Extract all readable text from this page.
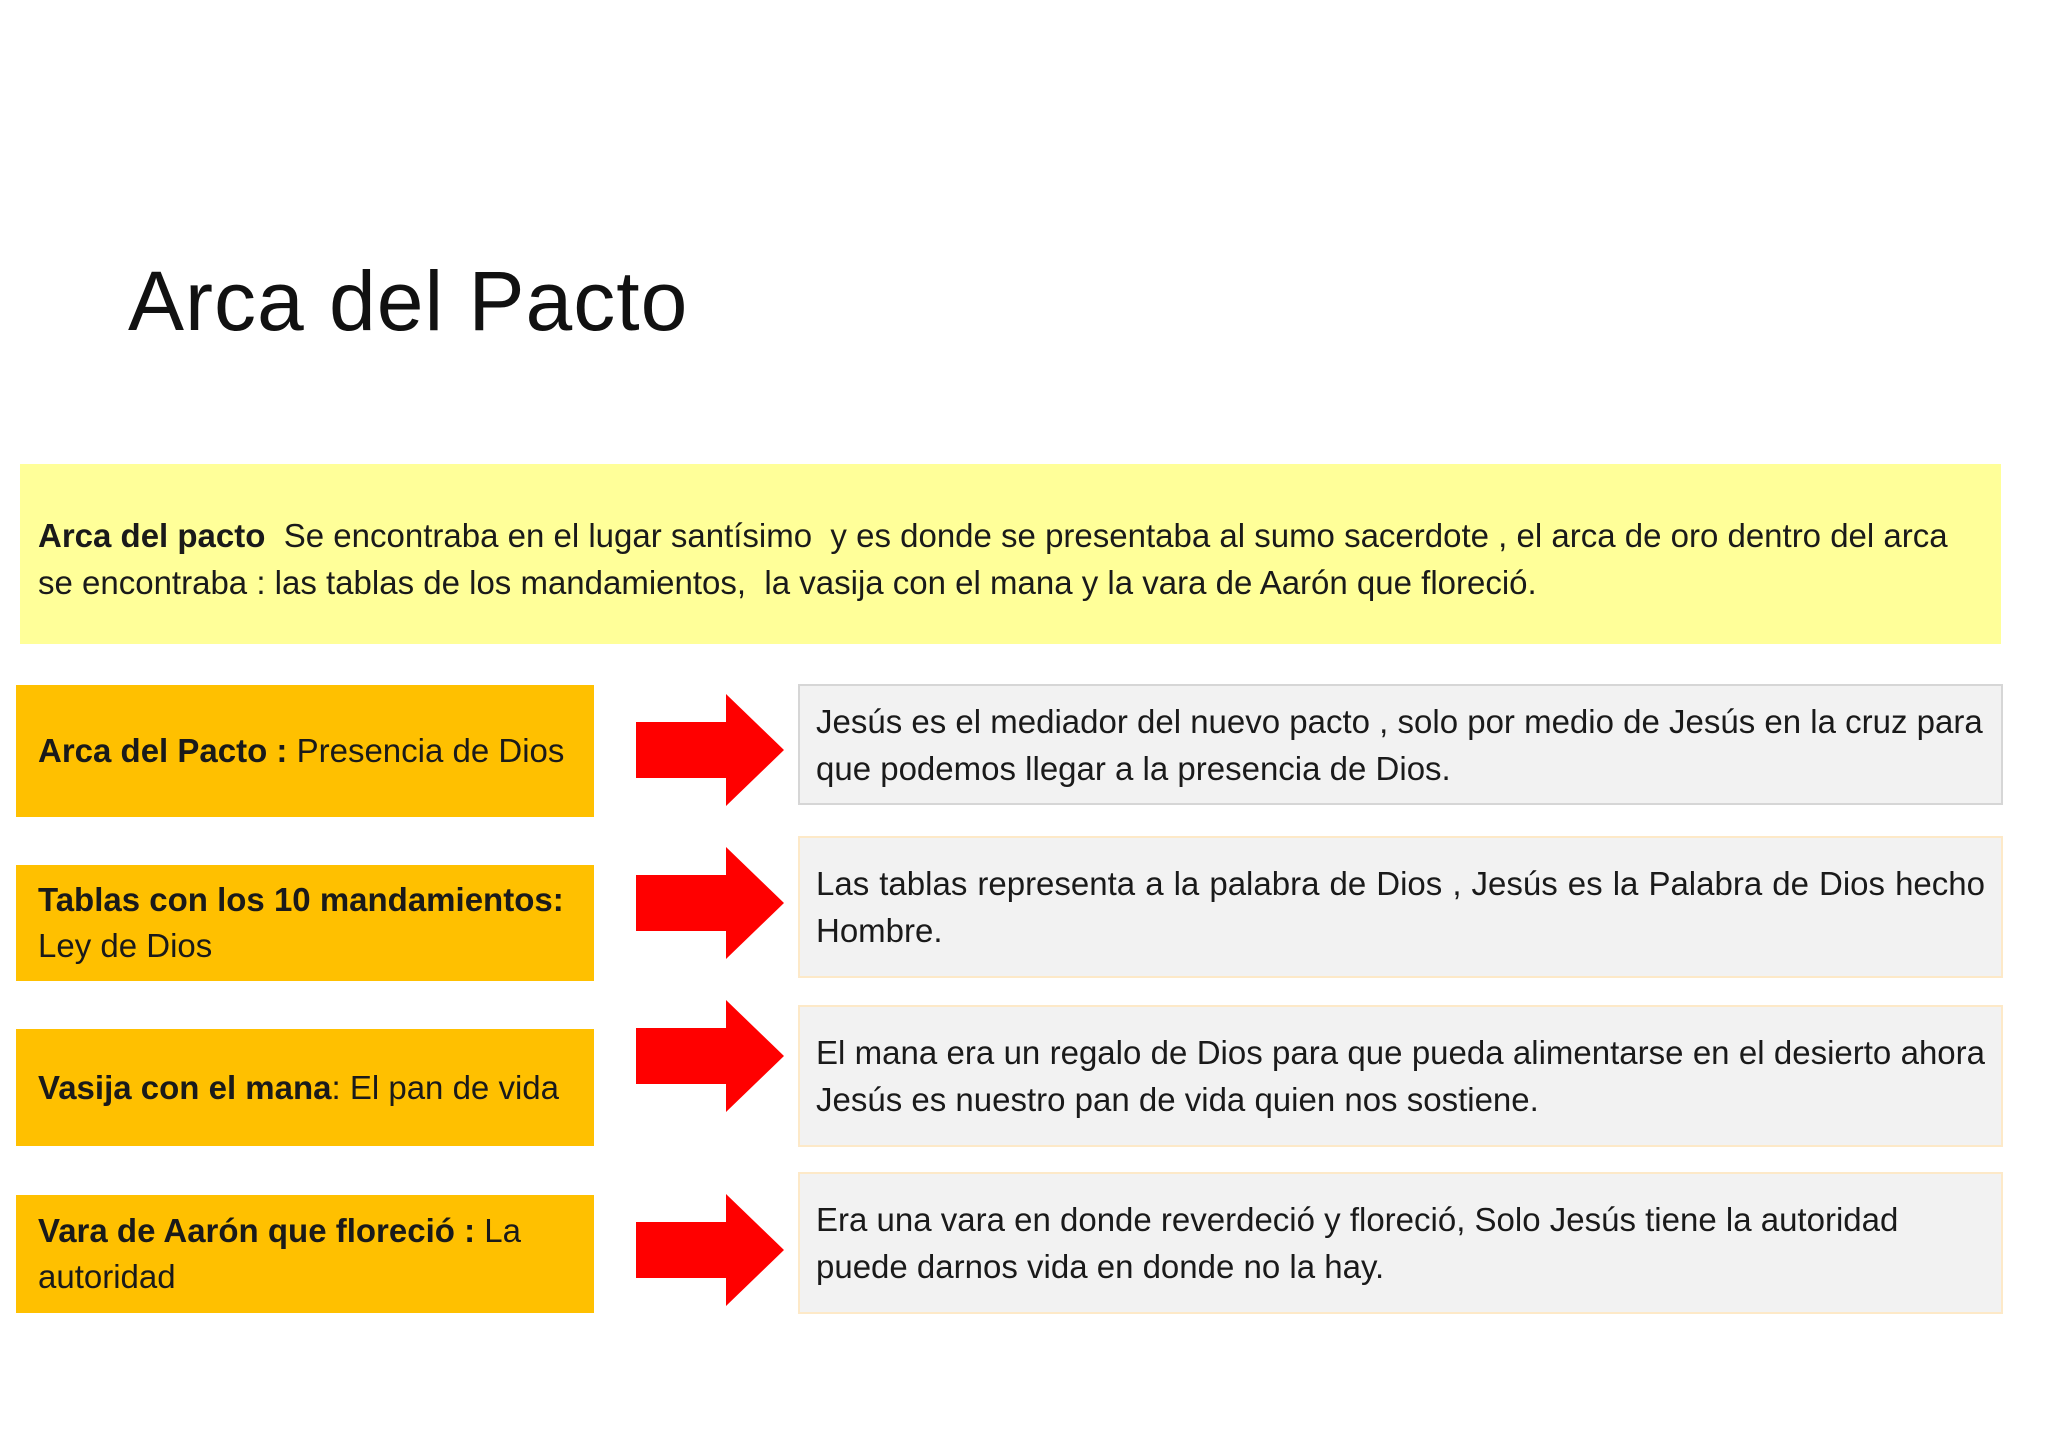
Arca del Pacto
Arca del pacto  Se encontraba en el lugar santísimo  y es donde se presentaba al sumo sacerdote , el arca de oro dentro del arca se encontraba : las tablas de los mandamientos,  la vasija con el mana y la vara de Aarón que floreció.
Arca del Pacto : Presencia de Dios
Jesús es el mediador del nuevo pacto , solo por medio de Jesús en la cruz para que podemos llegar a la presencia de Dios.
Tablas con los 10 mandamientos: Ley de Dios
Las tablas representa a la palabra de Dios , Jesús es la Palabra de Dios hecho Hombre.
Vasija con el mana: El pan de vida
El mana era un regalo de Dios para que pueda alimentarse en el desierto ahora Jesús es nuestro pan de vida quien nos sostiene.
Vara de Aarón que floreció : La autoridad
Era una vara en donde reverdeció y floreció, Solo Jesús tiene la autoridad puede darnos vida en donde no la hay.
